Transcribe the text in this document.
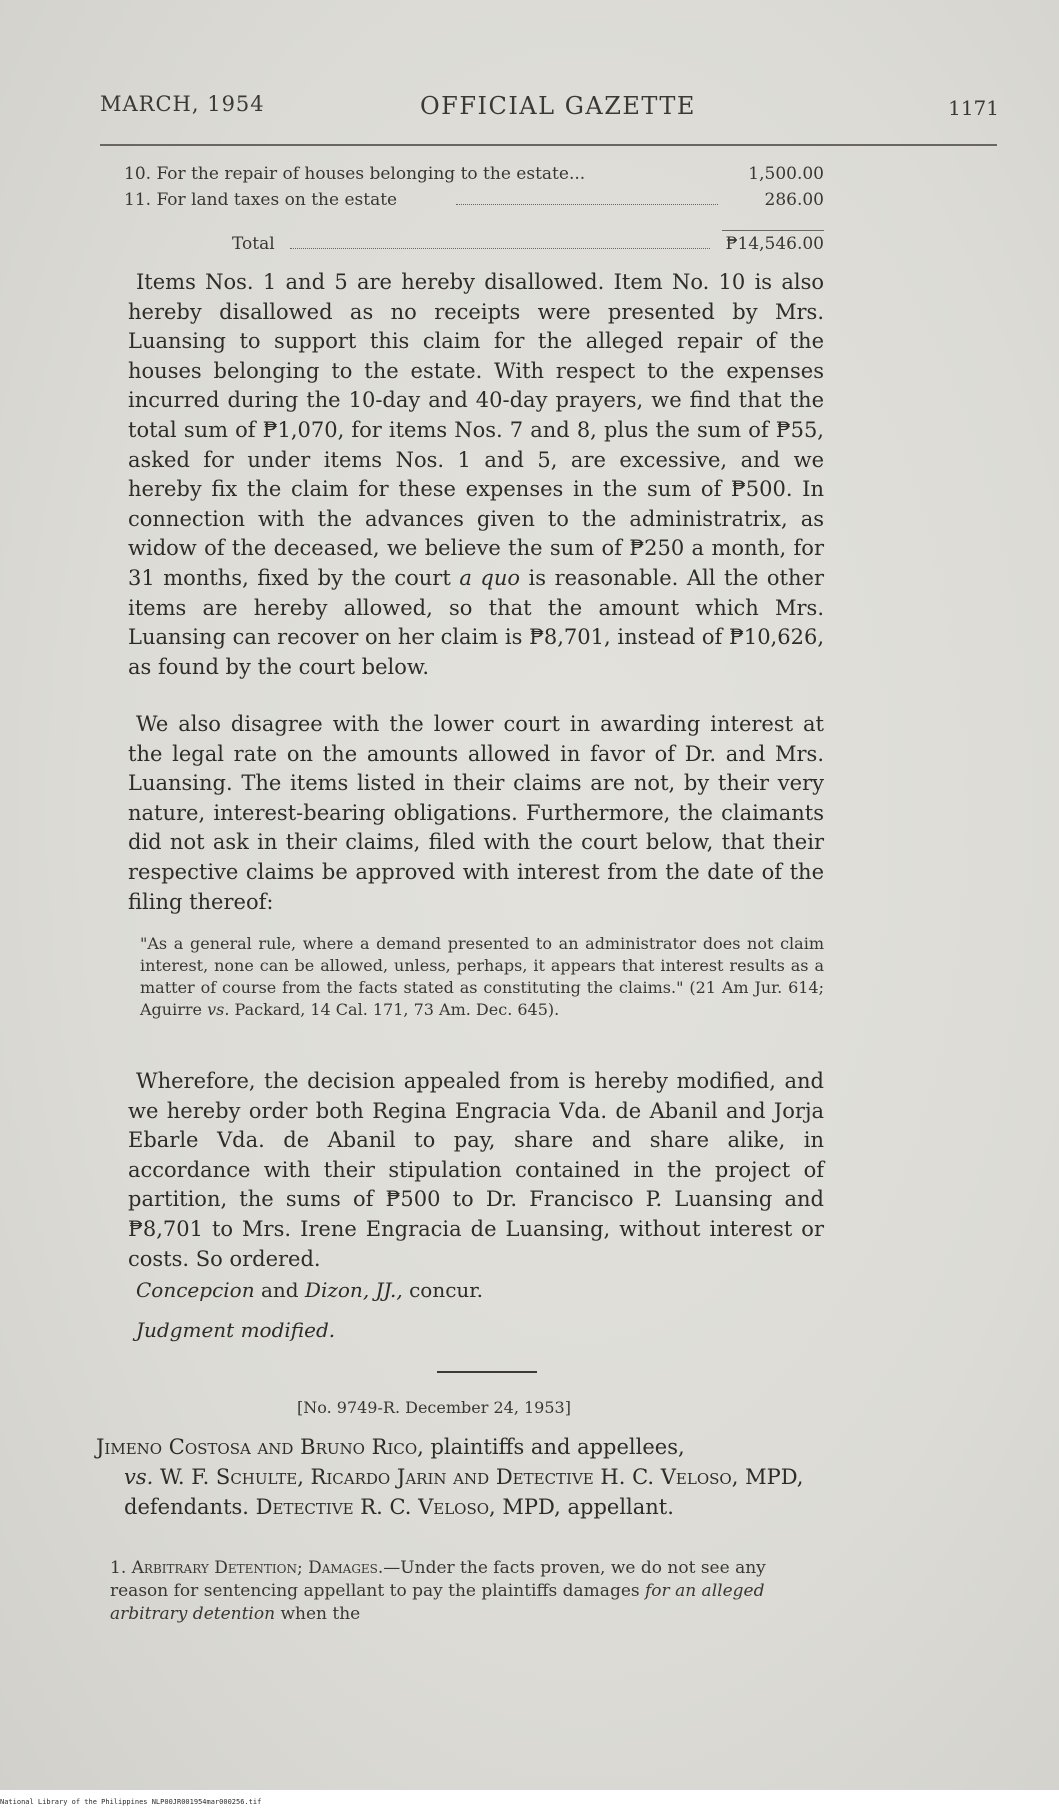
MARCH, 1954	OFFICIAL GAZETTE	1171
10. For the repair of houses belonging to the estate...	1,500.00
11. For land taxes on the estate	286.00
Total	₱14,546.00
Items Nos. 1 and 5 are hereby disallowed. Item No. 10 is also hereby disallowed as no receipts were presented by Mrs. Luansing to support this claim for the alleged repair of the houses belonging to the estate. With respect to the expenses incurred during the 10-day and 40-day prayers, we find that the total sum of ₱1,070, for items Nos. 7 and 8, plus the sum of ₱55, asked for under items Nos. 1 and 5, are excessive, and we hereby fix the claim for these expenses in the sum of ₱500. In connection with the advances given to the administratrix, as widow of the deceased, we believe the sum of ₱250 a month, for 31 months, fixed by the court a quo is reasonable. All the other items are hereby allowed, so that the amount which Mrs. Luansing can recover on her claim is ₱8,701, instead of ₱10,626, as found by the court below.
We also disagree with the lower court in awarding interest at the legal rate on the amounts allowed in favor of Dr. and Mrs. Luansing. The items listed in their claims are not, by their very nature, interest-bearing obligations. Furthermore, the claimants did not ask in their claims, filed with the court below, that their respective claims be approved with interest from the date of the filing thereof:
"As a general rule, where a demand presented to an administrator does not claim interest, none can be allowed, unless, perhaps, it appears that interest results as a matter of course from the facts stated as constituting the claims." (21 Am Jur. 614; Aguirre vs. Packard, 14 Cal. 171, 73 Am. Dec. 645).
Wherefore, the decision appealed from is hereby modified, and we hereby order both Regina Engracia Vda. de Abanil and Jorja Ebarle Vda. de Abanil to pay, share and share alike, in accordance with their stipulation contained in the project of partition, the sums of ₱500 to Dr. Francisco P. Luansing and ₱8,701 to Mrs. Irene Engracia de Luansing, without interest or costs. So ordered.
Concepcion and Dizon, JJ., concur.
Judgment modified.
[No. 9749-R. December 24, 1953]
Jimeno Costosa and Bruno Rico, plaintiffs and appellees,
vs. W. F. Schulte, Ricardo Jarin and Detective H. C. Veloso, MPD, defendants. Detective R. C. Veloso, MPD, appellant.
1. Arbitrary Detention; Damages.—Under the facts proven, we do not see any reason for sentencing appellant to pay the plaintiffs damages for an alleged arbitrary detention when the
National Library of the Philippines NLP00JR001954mar000256.tif
